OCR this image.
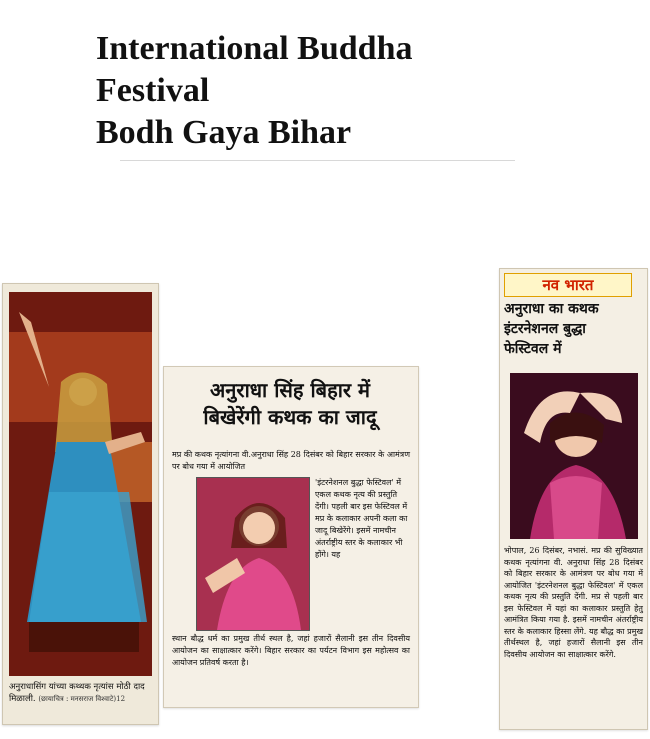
International Buddha
Festival
Bodh Gaya Bihar
अनुराधासिंग यांच्या कथ्थक नृत्यांस मोठी दाद मिळाली. (छायाचित्र : मनसराज विश्वाटे)12
अनुराधा सिंह बिहार में
बिखेरेंगी कथक का जादू
मप्र की कथक नृत्यांगना वी.अनुराधा सिंह 28 दिसंबर को बिहार सरकार के आमंत्रण पर बोध गया में आयोजित
'इंटरनेशनल बुद्धा फेस्टिवल' में एकल कथक नृत्य की प्रस्तुति देंगी। पहली बार इस फेस्टिवल में मप्र के कलाकार अपनी कला का जादू बिखेरेंगे। इसमें नामचीन अंतर्राष्ट्रीय स्तर के कलाकार भी होंगे। यह
स्थान बौद्ध धर्म का प्रमुख तीर्थ स्थल है, जहां हजारों सैलानी इस तीन दिवसीय आयोजन का साक्षात्कार करेंगे। बिहार सरकार का पर्यटन विभाग इस महोत्सव का आयोजन प्रतिवर्ष करता है।
नव भारत
अनुराधा का कथक
इंटरनेशनल बुद्धा
फेस्टिवल में
भोपाल, 26 दिसंबर, नभासं. मप्र की सुविख्यात कथक नृत्यांगना वी. अनुराधा सिंह 28 दिसंबर को बिहार सरकार के आमंत्रण पर बोध गया में आयोजित 'इंटरनेशनल बुद्धा फेस्टिवल' में एकल कथक नृत्य की प्रस्तुति देंगी. मप्र से पहली बार इस फेस्टिवल में यहां का कलाकार प्रस्तुति हेतु आमंत्रित किया गया है. इसमें नामचीन अंतर्राष्ट्रीय स्तर के कलाकार हिस्सा लेंगे. यह बौद्ध का प्रमुख तीर्थस्थल है, जहां हजारों सैलानी इस तीन दिवसीय आयोजन का साक्षात्कार करेंगे.
